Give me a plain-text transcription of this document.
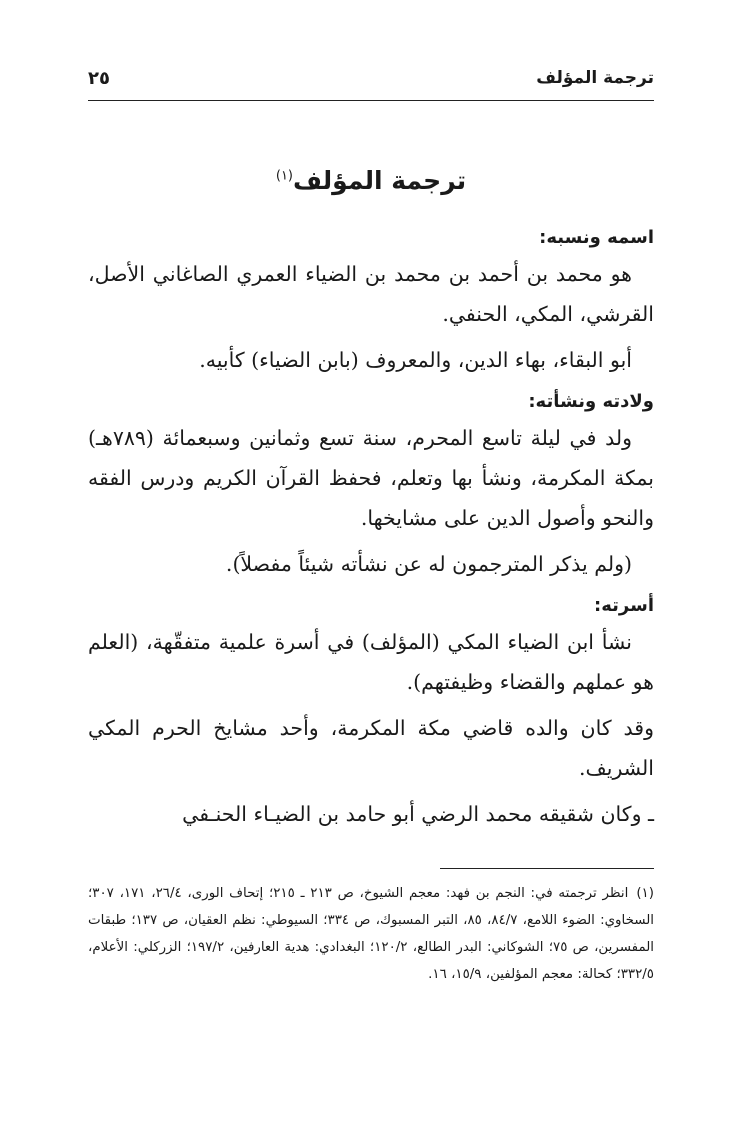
ترجمة المؤلف
٢٥
ترجمة المؤلف$^{(١)}$
اسمه ونسبه:

هو محمد بن أحمد بن محمد بن الضياء العمري الصاغاني الأصل، القرشي، المكي، الحنفي.

أبو البقاء، بهاء الدين، والمعروف (بابن الضياء) كأبيه.

ولادته ونشأته:

ولد في ليلة تاسع المحرم، سنة تسع وثمانين وسبعمائة (٧٨٩هـ) بمكة المكرمة، ونشأ بها وتعلم، فحفظ القرآن الكريم ودرس الفقه والنحو وأصول الدين على مشايخها.

(ولم يذكر المترجمون له عن نشأته شيئاً مفصلاً).

أسرته:

نشأ ابن الضياء المكي (المؤلف) في أسرة علمية متفقّهة، (العلم هو عملهم والقضاء وظيفتهم).

وقد كان والده قاضي مكة المكرمة، وأحد مشايخ الحرم المكي الشريف.

ـ وكان شقيقه محمد الرضي أبو حامد بن الضيـاء الحنـفي

(١)انظر ترجمته في: النجم بن فهد: معجم الشيوخ، ص ٢١٣ ـ ٢١٥؛ إتحاف الورى، ٢٦/٤، ١٧١، ٣٠٧؛ السخاوي: الضوء اللامع، ٨٤/٧، ٨٥، التبر المسبوك، ص ٣٣٤؛ السيوطي: نظم العقيان، ص ١٣٧؛ طبقات المفسرين، ص ٧٥؛ الشوكاني: البدر الطالع، ١٢٠/٢؛ البغدادي: هدية العارفين، ١٩٧/٢؛ الزركلي: الأعلام، ٣٣٢/٥؛ كحالة: معجم المؤلفين، ١٥/٩، ١٦.
